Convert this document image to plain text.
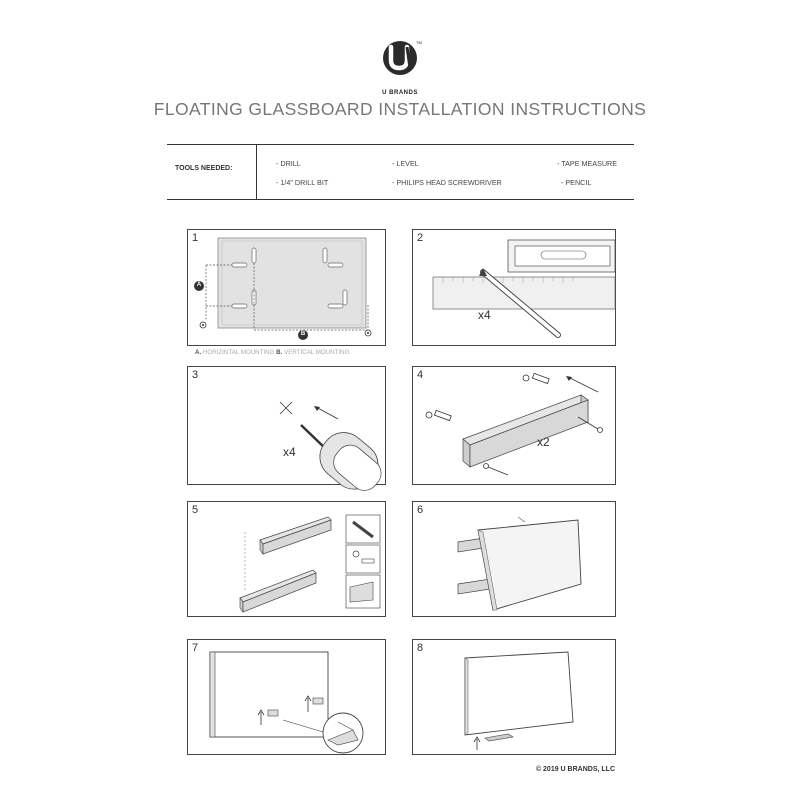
TM
U BRANDS
FLOATING GLASSBOARD INSTALLATION INSTRUCTIONS
TOOLS NEEDED:
- DRILL
- 1/4" DRILL BIT
- LEVEL
- PHILIPS HEAD SCREWDRIVER
- TAPE MEASURE
- PENCIL
1
A
B
A. HORIZINTAL MOUNTING B. VERTICAL MOUNTING
×
2
x4
3
x4
4
x2
5	6
7	8
© 2019 U BRANDS, LLC
